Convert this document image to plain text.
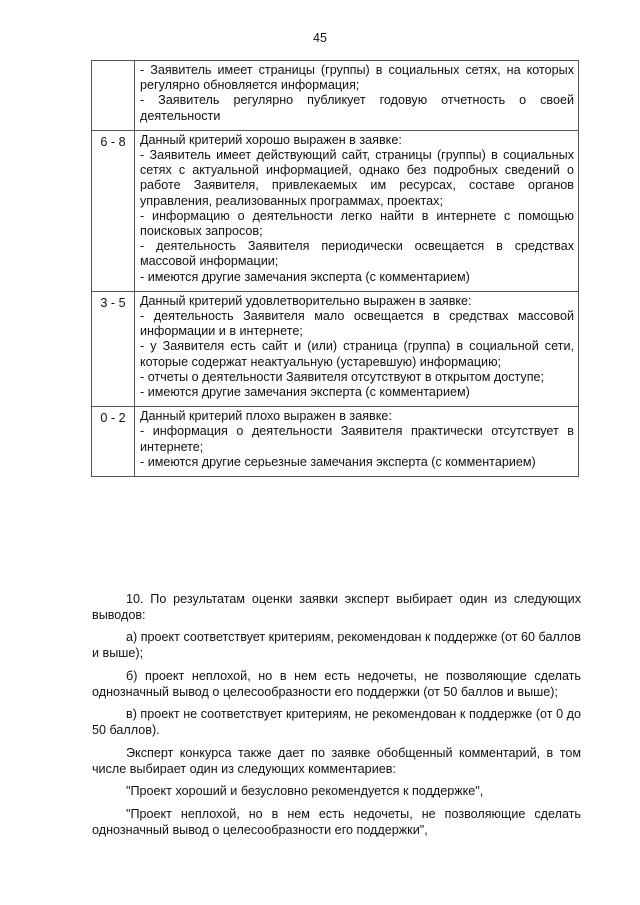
45

	- Заявитель имеет страницы (группы) в социальных сетях, на которых регулярно обновляется информация;
- Заявитель регулярно публикует годовую отчетность о своей деятельности

6 - 8	Данный критерий хорошо выражен в заявке:
- Заявитель имеет действующий сайт, страницы (группы) в социальных сетях с актуальной информацией, однако без подробных сведений о работе Заявителя, привлекаемых им ресурсах, составе органов управления, реализованных программах, проектах;
- информацию о деятельности легко найти в интернете с помощью поисковых запросов;
- деятельность Заявителя периодически освещается в средствах массовой информации;
- имеются другие замечания эксперта (с комментарием)

3 - 5	Данный критерий удовлетворительно выражен в заявке:
- деятельность Заявителя мало освещается в средствах массовой информации и в интернете;
- у Заявителя есть сайт и (или) страница (группа) в социальной сети, которые содержат неактуальную (устаревшую) информацию;
- отчеты о деятельности Заявителя отсутствуют в открытом доступе;
- имеются другие замечания эксперта (с комментарием)

0 - 2	Данный критерий плохо выражен в заявке:
- информация о деятельности Заявителя практически отсутствует в интернете;
- имеются другие серьезные замечания эксперта (с комментарием)

10. По результатам оценки заявки эксперт выбирает один из следующих выводов:

а) проект соответствует критериям, рекомендован к поддержке (от 60 баллов и выше);

б) проект неплохой, но в нем есть недочеты, не позволяющие сделать однозначный вывод о целесообразности его поддержки (от 50 баллов и выше);

в) проект не соответствует критериям, не рекомендован к поддержке (от 0 до 50 баллов).

Эксперт конкурса также дает по заявке обобщенный комментарий, в том числе выбирает один из следующих комментариев:

"Проект хороший и безусловно рекомендуется к поддержке",

"Проект неплохой, но в нем есть недочеты, не позволяющие сделать однозначный вывод о целесообразности его поддержки",
